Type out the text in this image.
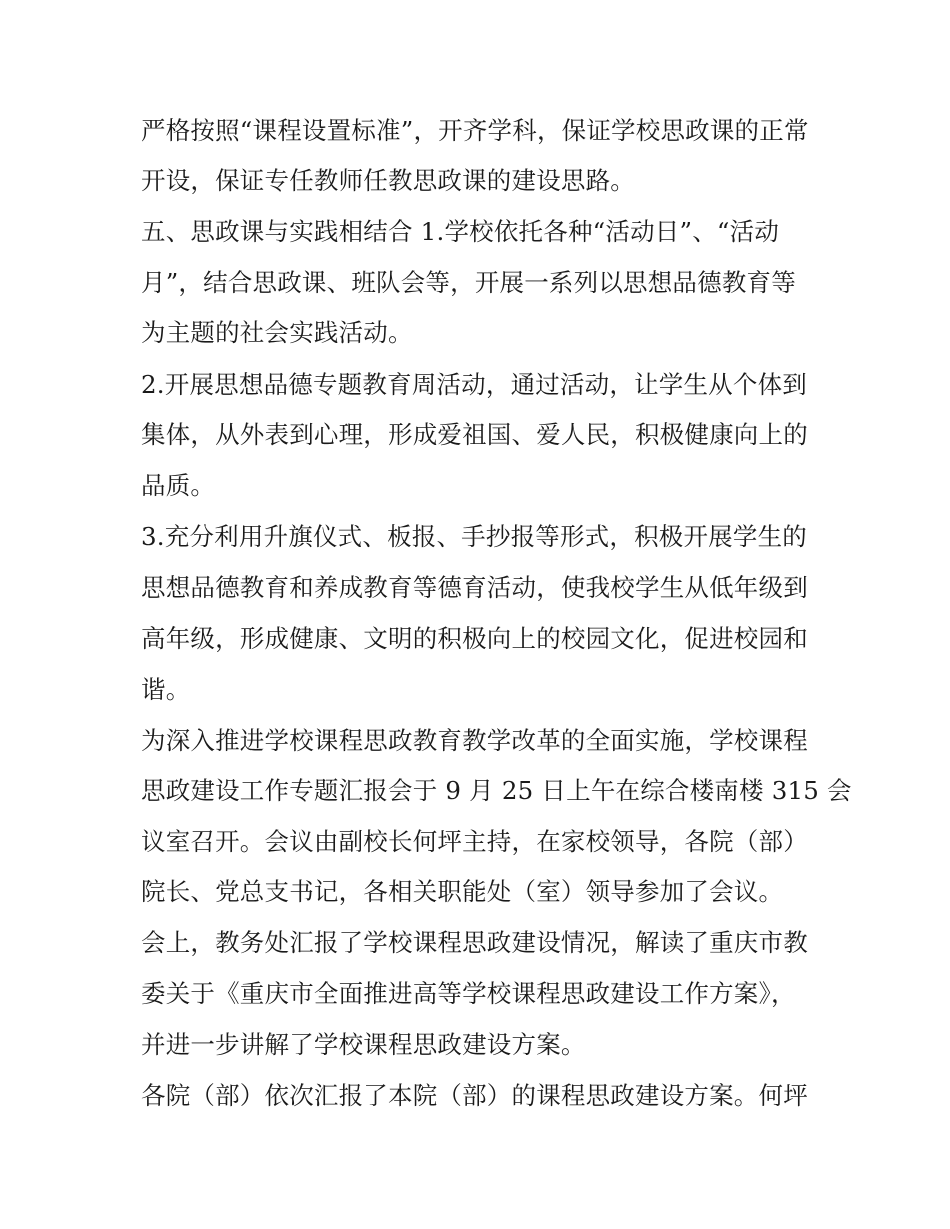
严格按照“课程设置标准”，开齐学科，保证学校思政课的正常
开设，保证专任教师任教思政课的建设思路。
五、思政课与实践相结合 1.学校依托各种“活动日”、“活动
月”，结合思政课、班队会等，开展一系列以思想品德教育等
为主题的社会实践活动。
2.开展思想品德专题教育周活动，通过活动，让学生从个体到
集体，从外表到心理，形成爱祖国、爱人民，积极健康向上的
品质。
3.充分利用升旗仪式、板报、手抄报等形式，积极开展学生的
思想品德教育和养成教育等德育活动，使我校学生从低年级到
高年级，形成健康、文明的积极向上的校园文化，促进校园和
谐。
为深入推进学校课程思政教育教学改革的全面实施，学校课程
思政建设工作专题汇报会于 9 月 25 日上午在综合楼南楼 315 会
议室召开。会议由副校长何坪主持，在家校领导，各院（部）
院长、党总支书记，各相关职能处（室）领导参加了会议。
会上，教务处汇报了学校课程思政建设情况，解读了重庆市教
委关于《重庆市全面推进高等学校课程思政建设工作方案》，
并进一步讲解了学校课程思政建设方案。
各院（部）依次汇报了本院（部）的课程思政建设方案。何坪
